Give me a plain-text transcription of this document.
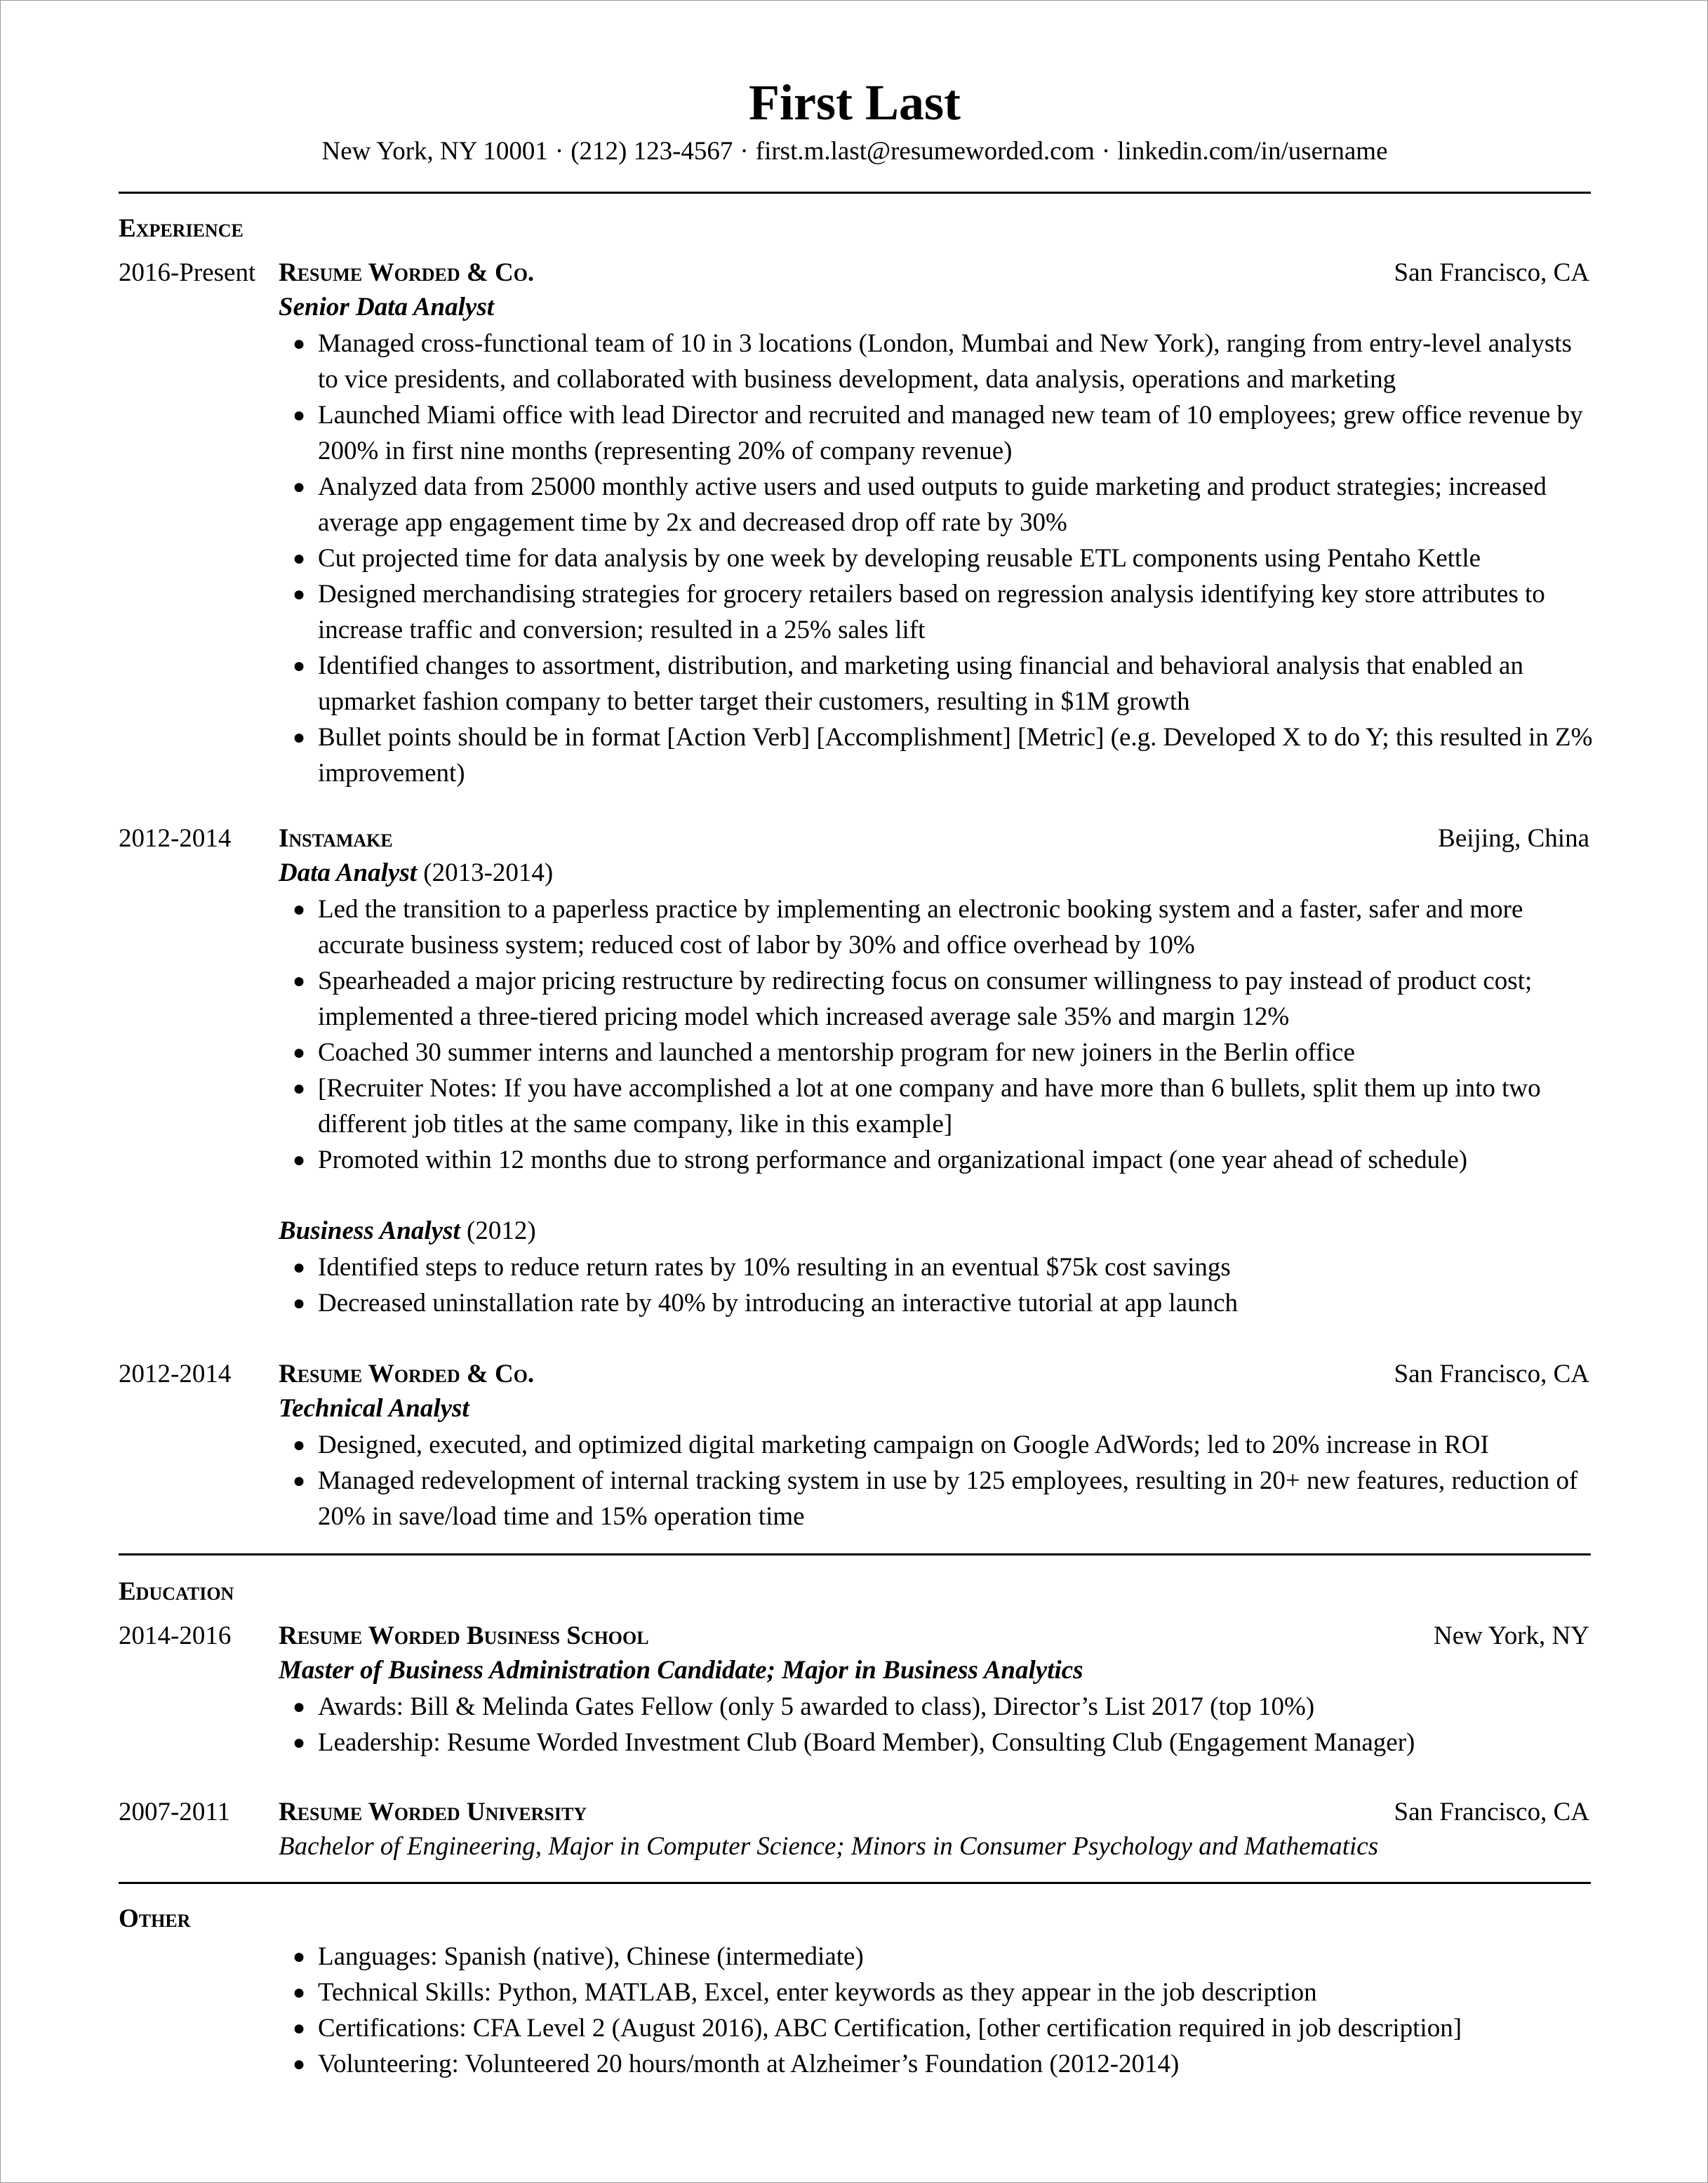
First Last
New York, NY 10001 · (212) 123-4567 · first.m.last@resumeworded.com · linkedin.com/in/username
Experience
2016-Present Resume Worded & Co.	San Francisco, CA
Senior Data Analyst
● Managed cross-functional team of 10 in 3 locations (London, Mumbai and New York), ranging from entry-level analysts to vice presidents, and collaborated with business development, data analysis, operations and marketing
● Launched Miami office with lead Director and recruited and managed new team of 10 employees; grew office revenue by 200% in first nine months (representing 20% of company revenue)
● Analyzed data from 25000 monthly active users and used outputs to guide marketing and product strategies; increased average app engagement time by 2x and decreased drop off rate by 30%
● Cut projected time for data analysis by one week by developing reusable ETL components using Pentaho Kettle
● Designed merchandising strategies for grocery retailers based on regression analysis identifying key store attributes to increase traffic and conversion; resulted in a 25% sales lift
● Identified changes to assortment, distribution, and marketing using financial and behavioral analysis that enabled an upmarket fashion company to better target their customers, resulting in $1M growth
● Bullet points should be in format [Action Verb] [Accomplishment] [Metric] (e.g. Developed X to do Y; this resulted in Z% improvement)
2012-2014 Instamake	Beijing, China
Data Analyst (2013-2014)
● Led the transition to a paperless practice by implementing an electronic booking system and a faster, safer and more accurate business system; reduced cost of labor by 30% and office overhead by 10%
● Spearheaded a major pricing restructure by redirecting focus on consumer willingness to pay instead of product cost; implemented a three-tiered pricing model which increased average sale 35% and margin 12%
● Coached 30 summer interns and launched a mentorship program for new joiners in the Berlin office
● [Recruiter Notes: If you have accomplished a lot at one company and have more than 6 bullets, split them up into two different job titles at the same company, like in this example]
● Promoted within 12 months due to strong performance and organizational impact (one year ahead of schedule)
Business Analyst (2012)
● Identified steps to reduce return rates by 10% resulting in an eventual $75k cost savings
● Decreased uninstallation rate by 40% by introducing an interactive tutorial at app launch
2012-2014 Resume Worded & Co.	San Francisco, CA
Technical Analyst
● Designed, executed, and optimized digital marketing campaign on Google AdWords; led to 20% increase in ROI
● Managed redevelopment of internal tracking system in use by 125 employees, resulting in 20+ new features, reduction of 20% in save/load time and 15% operation time
Education
2014-2016 Resume Worded Business School	New York, NY
Master of Business Administration Candidate; Major in Business Analytics
● Awards: Bill & Melinda Gates Fellow (only 5 awarded to class), Director’s List 2017 (top 10%)
● Leadership: Resume Worded Investment Club (Board Member), Consulting Club (Engagement Manager)
2007-2011 Resume Worded University	San Francisco, CA
Bachelor of Engineering, Major in Computer Science; Minors in Consumer Psychology and Mathematics
Other
● Languages: Spanish (native), Chinese (intermediate)
● Technical Skills: Python, MATLAB, Excel, enter keywords as they appear in the job description
● Certifications: CFA Level 2 (August 2016), ABC Certification, [other certification required in job description]
● Volunteering: Volunteered 20 hours/month at Alzheimer’s Foundation (2012-2014)
